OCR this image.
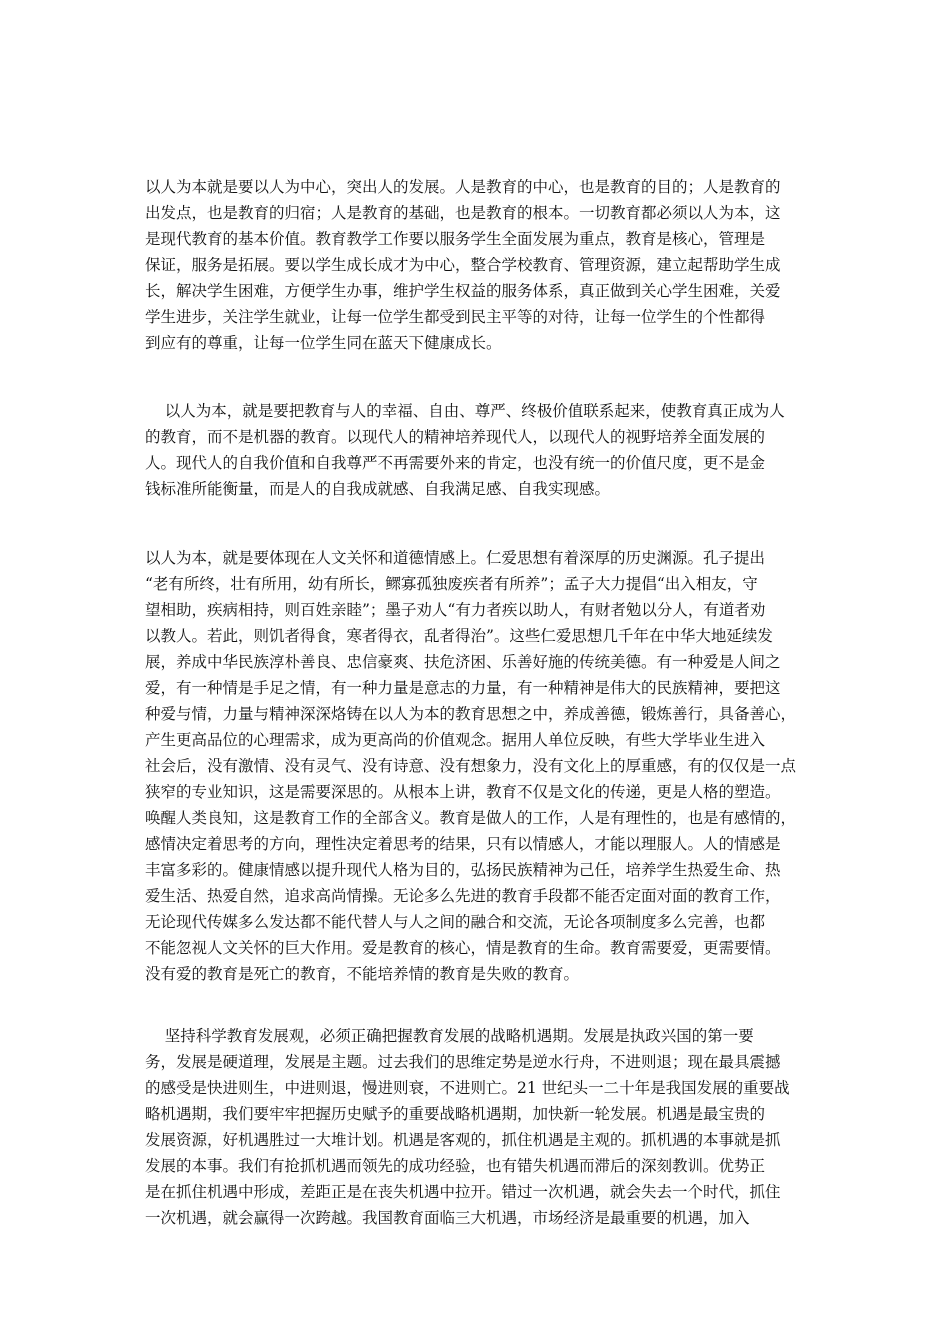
以人为本就是要以人为中心，突出人的发展。人是教育的中心，也是教育的目的；人是教育的
出发点，也是教育的归宿；人是教育的基础，也是教育的根本。一切教育都必须以人为本，这
是现代教育的基本价值。教育教学工作要以服务学生全面发展为重点，教育是核心，管理是
保证，服务是拓展。要以学生成长成才为中心，整合学校教育、管理资源，建立起帮助学生成
长，解决学生困难，方便学生办事，维护学生权益的服务体系，真正做到关心学生困难，关爱
学生进步，关注学生就业，让每一位学生都受到民主平等的对待，让每一位学生的个性都得
到应有的尊重，让每一位学生同在蓝天下健康成长。
以人为本，就是要把教育与人的幸福、自由、尊严、终极价值联系起来，使教育真正成为人
的教育，而不是机器的教育。以现代人的精神培养现代人，以现代人的视野培养全面发展的
人。现代人的自我价值和自我尊严不再需要外来的肯定，也没有统一的价值尺度，更不是金
钱标准所能衡量，而是人的自我成就感、自我满足感、自我实现感。
以人为本，就是要体现在人文关怀和道德情感上。仁爱思想有着深厚的历史渊源。孔子提出
“老有所终，壮有所用，幼有所长，鳏寡孤独废疾者有所养”；孟子大力提倡“出入相友，守
望相助，疾病相持，则百姓亲睦”；墨子劝人“有力者疾以助人，有财者勉以分人，有道者劝
以教人。若此，则饥者得食，寒者得衣，乱者得治”。这些仁爱思想几千年在中华大地延续发
展，养成中华民族淳朴善良、忠信豪爽、扶危济困、乐善好施的传统美德。有一种爱是人间之
爱，有一种情是手足之情，有一种力量是意志的力量，有一种精神是伟大的民族精神，要把这
种爱与情，力量与精神深深烙铸在以人为本的教育思想之中，养成善德，锻炼善行，具备善心，
产生更高品位的心理需求，成为更高尚的价值观念。据用人单位反映，有些大学毕业生进入
社会后，没有激情、没有灵气、没有诗意、没有想象力，没有文化上的厚重感，有的仅仅是一点
狭窄的专业知识，这是需要深思的。从根本上讲，教育不仅是文化的传递，更是人格的塑造。
唤醒人类良知，这是教育工作的全部含义。教育是做人的工作，人是有理性的，也是有感情的，
感情决定着思考的方向，理性决定着思考的结果，只有以情感人，才能以理服人。人的情感是
丰富多彩的。健康情感以提升现代人格为目的，弘扬民族精神为己任，培养学生热爱生命、热
爱生活、热爱自然，追求高尚情操。无论多么先进的教育手段都不能否定面对面的教育工作，
无论现代传媒多么发达都不能代替人与人之间的融合和交流，无论各项制度多么完善，也都
不能忽视人文关怀的巨大作用。爱是教育的核心，情是教育的生命。教育需要爱，更需要情。
没有爱的教育是死亡的教育，不能培养情的教育是失败的教育。
坚持科学教育发展观，必须正确把握教育发展的战略机遇期。发展是执政兴国的第一要
务，发展是硬道理，发展是主题。过去我们的思维定势是逆水行舟，不进则退；现在最具震撼
的感受是快进则生，中进则退，慢进则衰，不进则亡。21 世纪头一二十年是我国发展的重要战
略机遇期，我们要牢牢把握历史赋予的重要战略机遇期，加快新一轮发展。机遇是最宝贵的
发展资源，好机遇胜过一大堆计划。机遇是客观的，抓住机遇是主观的。抓机遇的本事就是抓
发展的本事。我们有抢抓机遇而领先的成功经验，也有错失机遇而滞后的深刻教训。优势正
是在抓住机遇中形成，差距正是在丧失机遇中拉开。错过一次机遇，就会失去一个时代，抓住
一次机遇，就会赢得一次跨越。我国教育面临三大机遇，市场经济是最重要的机遇，加入
